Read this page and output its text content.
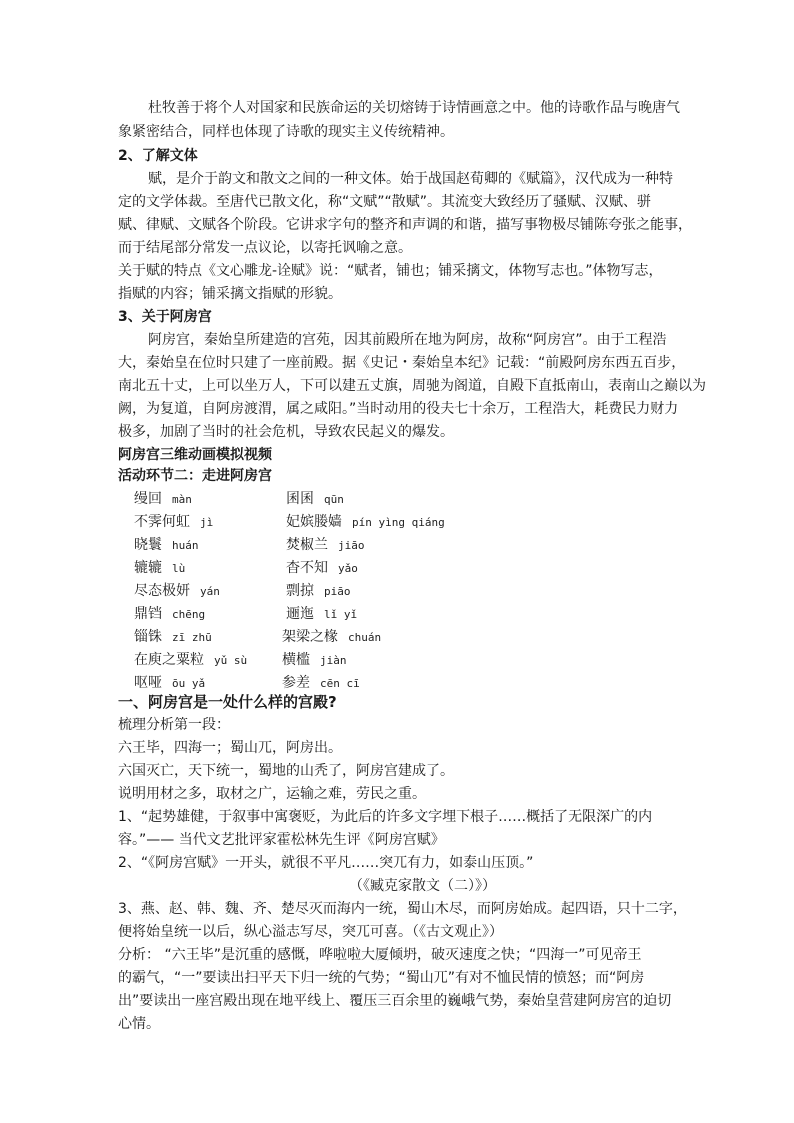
杜牧善于将个人对国家和民族命运的关切熔铸于诗情画意之中。他的诗歌作品与晚唐气
象紧密结合，同样也体现了诗歌的现实主义传统精神。
2、了解文体
赋，是介于韵文和散文之间的一种文体。始于战国赵荀卿的《赋篇》，汉代成为一种特
定的文学体裁。至唐代已散文化，称“文赋”“散赋”。其流变大致经历了骚赋、汉赋、骈
赋、律赋、文赋各个阶段。它讲求字句的整齐和声调的和谐，描写事物极尽铺陈夸张之能事，
而于结尾部分常发一点议论，以寄托讽喻之意。
关于赋的特点《文心雕龙-诠赋》说：“赋者，铺也；铺采摛文，体物写志也。”体物写志，
指赋的内容；铺采摛文指赋的形貌。
3、关于阿房宫
阿房宫，秦始皇所建造的宫苑，因其前殿所在地为阿房，故称“阿房宫”。由于工程浩
大，秦始皇在位时只建了一座前殿。据《史记・秦始皇本纪》记载：“前殿阿房东西五百步，
南北五十丈，上可以坐万人，下可以建五丈旗，周驰为阁道，自殿下直抵南山，表南山之巅以为
阙，为复道，自阿房渡渭，属之咸阳。”当时动用的役夫七十余万，工程浩大，耗费民力财力
极多，加剧了当时的社会危机，导致农民起义的爆发。
阿房宫三维动画模拟视频
活动环节二：走进阿房宫
缦回 màn
不霁何虹 jì
晓鬟 huán
辘辘 lù
尽态极妍 yán
鼎铛 chēng
锱铢 zī zhū
在庾之粟粒 yǔ sù
呕哑 ōu yǎ
囷囷 qūn
妃嫔媵嫱 pín yìng qiáng
焚椒兰 jiāo
杳不知 yǎo
剽掠 piāo
逦迤 lǐ yǐ
架梁之椽 chuán
横槛 jiàn
参差 cēn cī
一、阿房宫是一处什么样的宫殿?
梳理分析第一段：
六王毕，四海一；蜀山兀，阿房出。
六国灭亡，天下统一，蜀地的山秃了，阿房宫建成了。
说明用材之多，取材之广，运输之难，劳民之重。
1、“起势雄健，于叙事中寓褒贬，为此后的许多文字埋下根子……概括了无限深广的内
容。”—— 当代文艺批评家霍松林先生评《阿房宫赋》
2、“《阿房宫赋》一开头，就很不平凡……突兀有力，如泰山压顶。”
（《臧克家散文（二）》）
3、燕、赵、韩、魏、齐、楚尽灭而海内一统，蜀山木尽，而阿房始成。起四语，只十二字，
便将始皇统一以后，纵心溢志写尽，突兀可喜。（《古文观止》）
分析： “六王毕”是沉重的感慨，哗啦啦大厦倾坍，破灭速度之快；“四海一”可见帝王
的霸气，“一”要读出扫平天下归一统的气势；“蜀山兀”有对不恤民情的愤怒；而“阿房
出”要读出一座宫殿出现在地平线上、覆压三百余里的巍峨气势，秦始皇营建阿房宫的迫切
心情。
